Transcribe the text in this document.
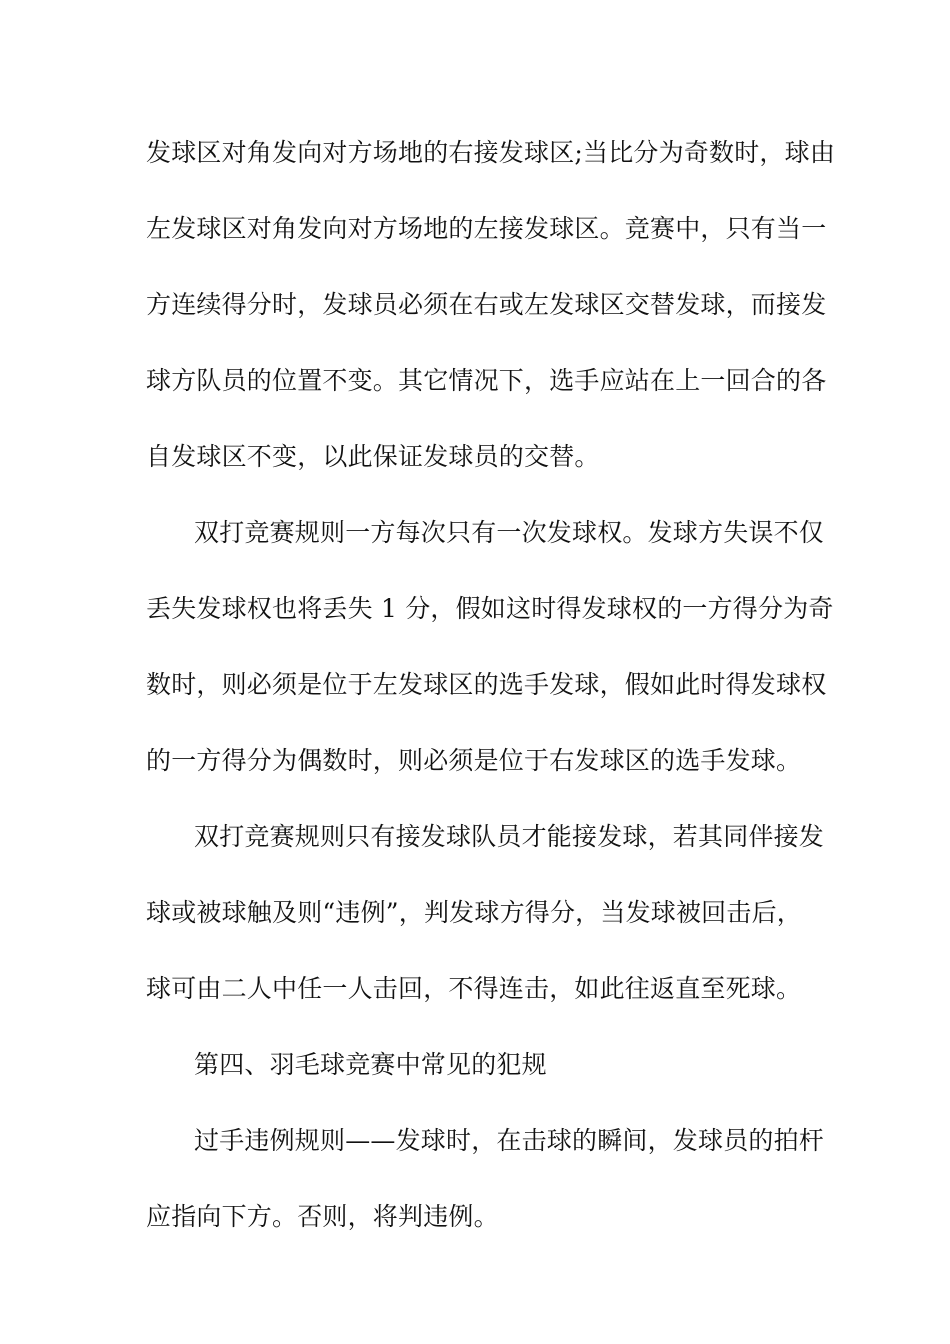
发球区对角发向对方场地的右接发球区;当比分为奇数时，球由
左发球区对角发向对方场地的左接发球区。竞赛中，只有当一
方连续得分时，发球员必须在右或左发球区交替发球，而接发
球方队员的位置不变。其它情况下，选手应站在上一回合的各
自发球区不变，以此保证发球员的交替。
双打竞赛规则一方每次只有一次发球权。发球方失误不仅
丢失发球权也将丢失 1 分，假如这时得发球权的一方得分为奇
数时，则必须是位于左发球区的选手发球，假如此时得发球权
的一方得分为偶数时，则必须是位于右发球区的选手发球。
双打竞赛规则只有接发球队员才能接发球，若其同伴接发
球或被球触及则“违例”，判发球方得分，当发球被回击后，
球可由二人中任一人击回，不得连击，如此往返直至死球。
第四、羽毛球竞赛中常见的犯规
过手违例规则——发球时，在击球的瞬间，发球员的拍杆
应指向下方。否则，将判违例。
